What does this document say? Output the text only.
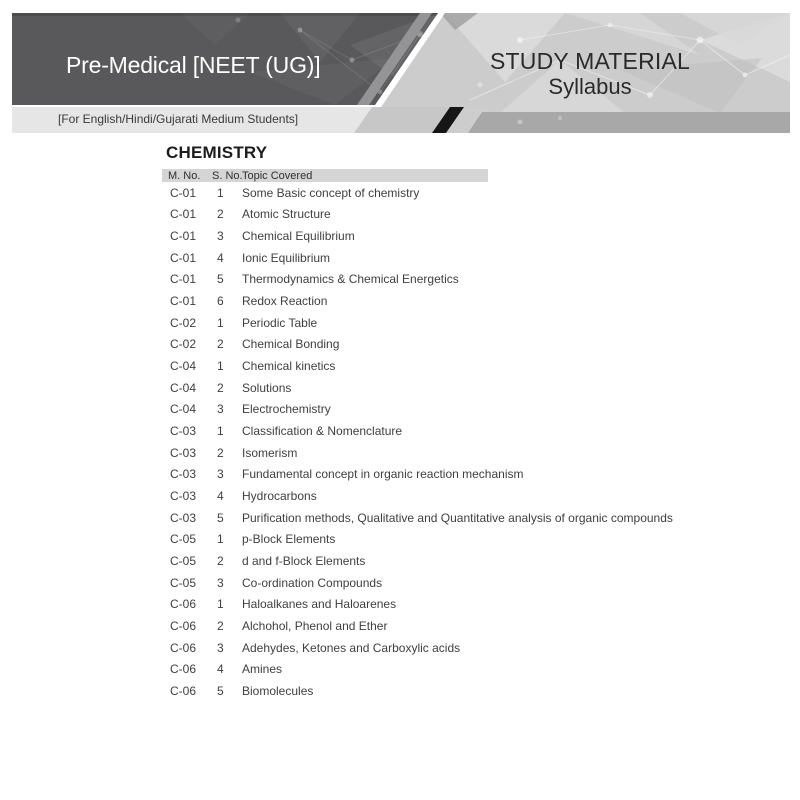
Pre-Medical [NEET (UG)]	STUDY MATERIAL
Syllabus
[For English/Hindi/Gujarati Medium Students]
CHEMISTRY
M. No.	S. No. Topic Covered
C-01	1	Some Basic concept of chemistry
C-01	2	Atomic Structure
C-01	3	Chemical Equilibrium
C-01	4	Ionic Equilibrium
C-01	5	Thermodynamics & Chemical Energetics
C-01	6	Redox Reaction
C-02	1	Periodic Table
C-02	2	Chemical Bonding
C-04	1	Chemical kinetics
C-04	2	Solutions
C-04	3	Electrochemistry
C-03	1	Classification & Nomenclature
C-03	2	Isomerism
C-03	3	Fundamental concept in organic reaction mechanism
C-03	4	Hydrocarbons
C-03	5	Purification methods, Qualitative and Quantitative analysis of organic compounds
C-05	1	p-Block Elements
C-05	2	d and f-Block Elements
C-05	3	Co-ordination Compounds
C-06	1	Haloalkanes and Haloarenes
C-06	2	Alchohol, Phenol and Ether
C-06	3	Adehydes, Ketones and Carboxylic acids
C-06	4	Amines
C-06	5	Biomolecules
